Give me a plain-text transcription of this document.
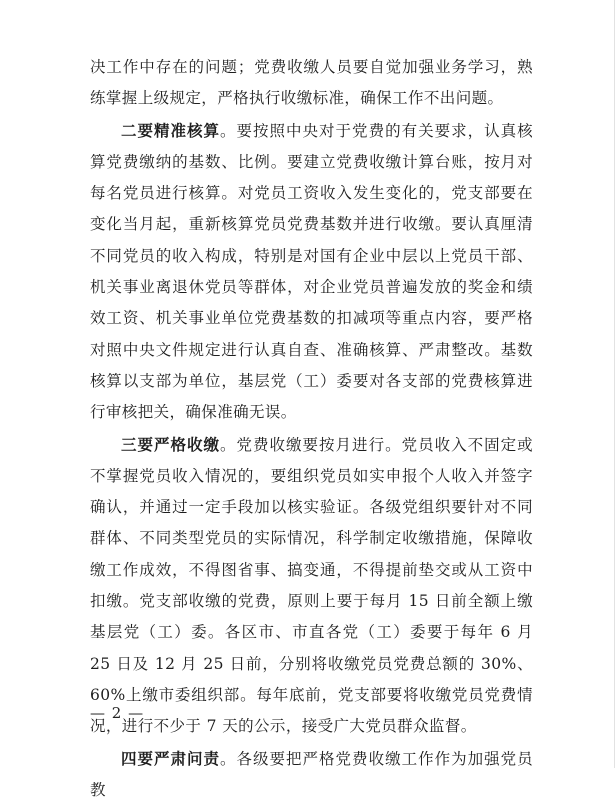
决工作中存在的问题；党费收缴人员要自觉加强业务学习，熟练掌握上级规定，严格执行收缴标准，确保工作不出问题。

二要精准核算。要按照中央对于党费的有关要求，认真核算党费缴纳的基数、比例。要建立党费收缴计算台账，按月对每名党员进行核算。对党员工资收入发生变化的，党支部要在变化当月起，重新核算党员党费基数并进行收缴。要认真厘清不同党员的收入构成，特别是对国有企业中层以上党员干部、机关事业离退休党员等群体，对企业党员普遍发放的奖金和绩效工资、机关事业单位党费基数的扣减项等重点内容，要严格对照中央文件规定进行认真自查、准确核算、严肃整改。基数核算以支部为单位，基层党（工）委要对各支部的党费核算进行审核把关，确保准确无误。

三要严格收缴。党费收缴要按月进行。党员收入不固定或不掌握党员收入情况的，要组织党员如实申报个人收入并签字确认，并通过一定手段加以核实验证。各级党组织要针对不同群体、不同类型党员的实际情况，科学制定收缴措施，保障收缴工作成效，不得图省事、搞变通，不得提前垫交或从工资中扣缴。党支部收缴的党费，原则上要于每月 15 日前全额上缴基层党（工）委。各区市、市直各党（工）委要于每年 6 月 25 日及 12 月 25 日前，分别将收缴党员党费总额的 30%、60%上缴市委组织部。每年底前，党支部要将收缴党员党费情况，进行不少于 7 天的公示，接受广大党员群众监督。

四要严肃问责。各级要把严格党费收缴工作作为加强党员教

— 2 —
